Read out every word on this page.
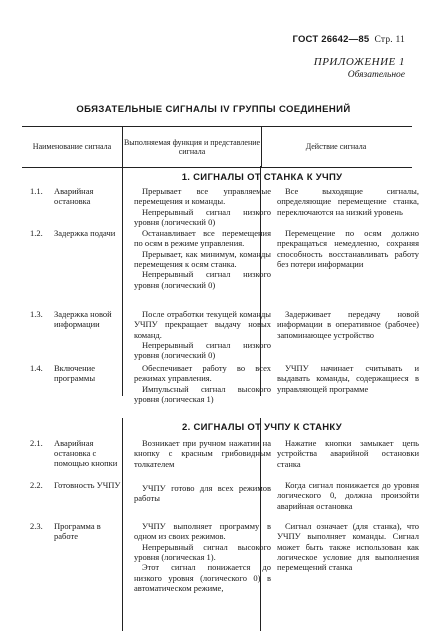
ГОСТ 26642—85 Стр. 11
ПРИЛОЖЕНИЕ 1
Обязательное
ОБЯЗАТЕЛЬНЫЕ СИГНАЛЫ IV ГРУППЫ СОЕДИНЕНИЙ
Наименование сигнала
Выполняемая функция и представление сигнала
Действие сигнала
1. СИГНАЛЫ ОТ СТАНКА К УЧПУ
1.1. Аварийная остановка

Прерывает все управляемые перемещения и команды.

Непрерывный сигнал низкого уровня (логический 0)

Все выходящие сигналы, определяющие перемещение станка, переключаются на низкий уровень

1.2. Задержка подачи	Останавливает все перемещения по осям в режиме управления.

Прерывает, как минимум, команды перемещения к осям станка.

Непрерывный сигнал низкого уровня (логический 0)

Перемещение по осям должно прекращаться немедленно, сохраняя способность восстанавливать работу без потери информации

1.3. Задержка новой информации

После отработки текущей команды УЧПУ прекращает выдачу новых команд.

Непрерывный сигнал низкого уровня (логический 0)

Задерживает передачу новой информации в оперативное (рабочее) запоминающее устройство

1.4. Включение программы

Обеспечивает работу во всех режимах управления.

Импульсный сигнал высокого уровня (логическая 1)

УЧПУ начинает считывать и выдавать команды, содержащиеся в управляющей программе

2. СИГНАЛЫ ОТ УЧПУ К СТАНКУ
2.1. Аварийная остановка с помощью кнопки

Возникает при ручном нажатии на кнопку с красным грибовидным толкателем

Нажатие кнопки замыкает цепь устройства аварийной остановки станка

2.2. Готовность УЧПУ	УЧПУ готово для всех режимов работы

Когда сигнал понижается до уровня логического 0, должна произойти аварийная остановка

2.3. Программа в работе

УЧПУ выполняет программу в одном из своих режимов.

Непрерывный сигнал высокого уровня (логическая 1).

Этот сигнал понижается до низкого уровня (логического 0) в автоматическом режиме,

Сигнал означает (для станка), что УЧПУ выполняет команды. Сигнал может быть также использован как логическое условие для выполнения перемещений станка
